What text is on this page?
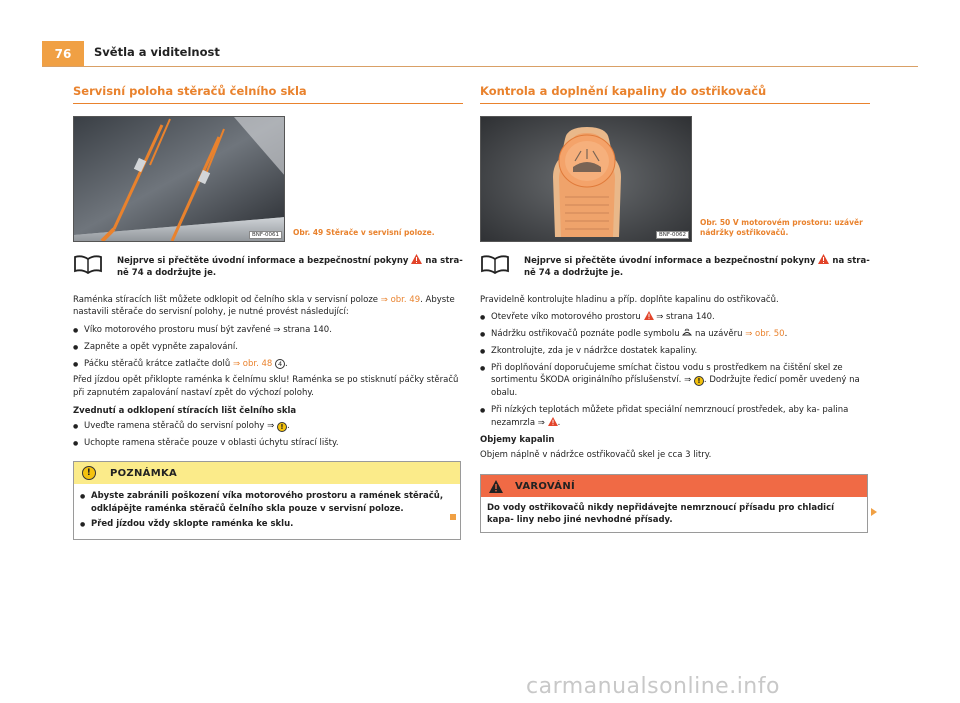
76	Světla a viditelnost
Servisní poloha stěračů čelního skla
BNF-0061	Obr. 49 Stěrače v servisní poloze.
Nejprve si přečtěte úvodní informace a bezpečnostní pokyny na stra-
ně 74 a dodržujte je.

Raménka stíracích lišt můžete odklopit od čelního skla v servisní poloze ⇒ obr. 49. Abyste nastavili stěrače do servisní polohy, je nutné provést následující:

● Víko motorového prostoru musí být zavřené ⇒ strana 140.
● Zapněte a opět vypněte zapalování.
● Páčku stěračů krátce zatlačte dolů ⇒ obr. 48 4 .

Před jízdou opět přiklopte raménka k čelnímu sklu! Raménka se po stisknutí páčky stěračů při zapnutém zapalování nastaví zpět do výchozí polohy.

Zvednutí a odklopení stíracích lišt čelního skla
● Uveďte ramena stěračů do servisní polohy ⇒ ! .
● Uchopte ramena stěrače pouze v oblasti úchytu stírací lišty.
!	POZNÁMKA
● Abyste zabránili poškození víka motorového prostoru a ramének stěračů, odklápějte raménka stěračů čelního skla pouze v servisní poloze.
● Před jízdou vždy sklopte raménka ke sklu.
Kontrola a doplnění kapaliny do ostřikovačů
BNF-0062
Obr. 50 V motorovém prostoru: uzávěr
nádržky ostřikovačů.
Nejprve si přečtěte úvodní informace a bezpečnostní pokyny na stra-
ně 74 a dodržujte je.

Pravidelně kontrolujte hladinu a příp. doplňte kapalinu do ostřikovačů.

● Otevřete víko motorového prostoru ⇒ strana 140.
● Nádržku ostřikovačů poznáte podle symbolu na uzávěru ⇒ obr. 50.
● Zkontrolujte, zda je v nádržce dostatek kapaliny.
● Při doplňování doporučujeme smíchat čistou vodu s prostředkem na čištění skel ze sortimentu ŠKODA originálního příslušenství. ⇒ ! . Dodržujte ředicí poměr uvedený na obalu.
● Při nízkých teplotách můžete přidat speciální nemrznoucí prostředek, aby ka- palina nezamrzla ⇒ .
Objemy kapalin

Objem náplně v nádržce ostřikovačů skel je cca 3 litry.

VAROVÁNÍ
Do vody ostřikovačů nikdy nepřidávejte nemrznoucí přísadu pro chladicí kapa- liny nebo jiné nevhodné přísady.
carmanualsonline.info
